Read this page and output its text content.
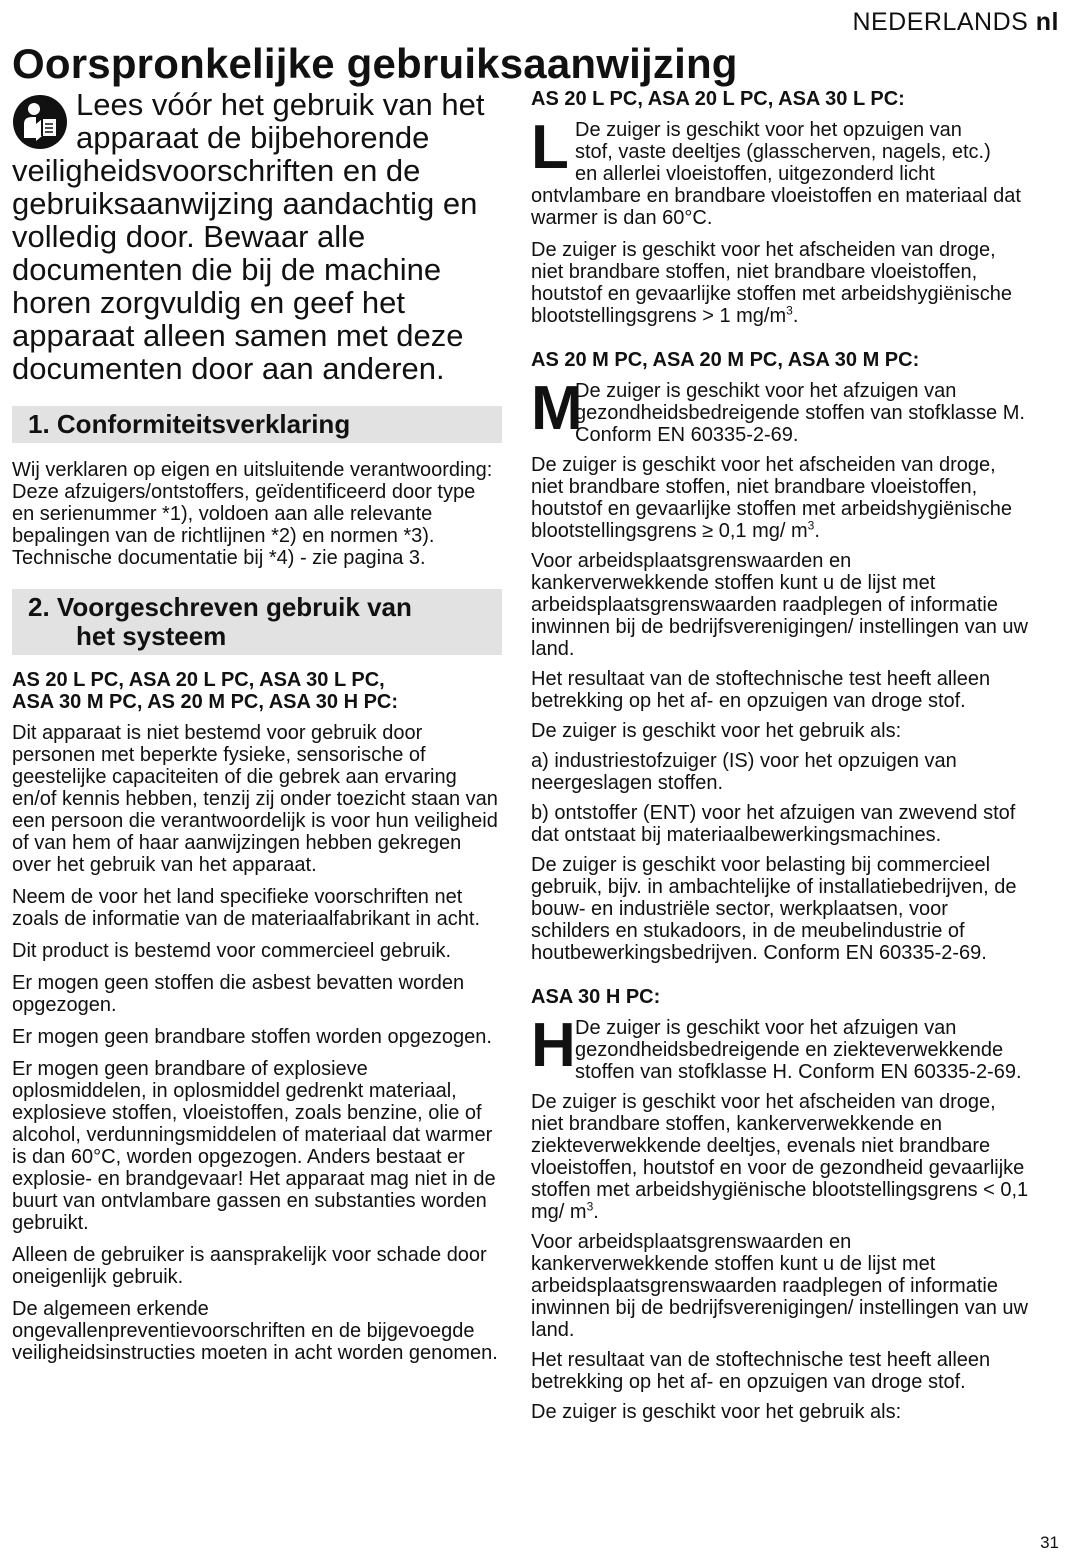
NEDERLANDS nl
Oorspronkelijke gebruiksaanwijzing

Lees vóór het gebruik van het apparaat de bijbehorende veiligheidsvoorschriften en de gebruiksaanwijzing aandachtig en volledig door. Bewaar alle documenten die bij de machine horen zorgvuldig en geef het apparaat alleen samen met deze documenten door aan anderen.

1. Conformiteitsverklaring

Wij verklaren op eigen en uitsluitende verantwoording: Deze afzuigers/ontstoffers, geïdentificeerd door type en serienummer *1), voldoen aan alle relevante bepalingen van de richtlijnen *2) en normen *3). Technische documentatie bij *4) - zie pagina 3.

2. Voorgeschreven gebruik van
het systeem

AS 20 L PC, ASA 20 L PC, ASA 30 L PC,
ASA 30 M PC, AS 20 M PC, ASA 30 H PC:

Dit apparaat is niet bestemd voor gebruik door personen met beperkte fysieke, sensorische of geestelijke capaciteiten of die gebrek aan ervaring en/of kennis hebben, tenzij zij onder toezicht staan van een persoon die verantwoordelijk is voor hun veiligheid of van hem of haar aanwijzingen hebben gekregen over het gebruik van het apparaat.

Neem de voor het land specifieke voorschriften net zoals de informatie van de materiaalfabrikant in acht.

Dit product is bestemd voor commercieel gebruik.

Er mogen geen stoffen die asbest bevatten worden opgezogen.

Er mogen geen brandbare stoffen worden opgezogen.

Er mogen geen brandbare of explosieve oplosmiddelen, in oplosmiddel gedrenkt materiaal, explosieve stoffen, vloeistoffen, zoals benzine, olie of alcohol, verdunningsmiddelen of materiaal dat warmer is dan 60°C, worden opgezogen. Anders bestaat er explosie- en brandgevaar! Het apparaat mag niet in de buurt van ontvlambare gassen en substanties worden gebruikt.

Alleen de gebruiker is aansprakelijk voor schade door oneigenlijk gebruik.

De algemeen erkende ongevallenpreventievoorschriften en de bijgevoegde veiligheidsinstructies moeten in acht worden genomen.

AS 20 L PC, ASA 20 L PC, ASA 30 L PC:

L De zuiger is geschikt voor het opzuigen van

stof, vaste deeltjes (glasscherven, nagels, etc.)

en allerlei vloeistoffen, uitgezonderd licht

ontvlambare en brandbare vloeistoffen en materiaal dat warmer is dan 60°C.

De zuiger is geschikt voor het afscheiden van droge, niet brandbare stoffen, niet brandbare vloeistoffen, houtstof en gevaarlijke stoffen met arbeidshygiënische blootstellingsgrens > 1 $mg/m^3$.

AS 20 M PC, ASA 20 M PC, ASA 30 M PC:

M

De zuiger is geschikt voor het afzuigen van gezondheidsbedreigende stoffen van stofklasse M. Conform EN 60335-2-69.

De zuiger is geschikt voor het afscheiden van droge, niet brandbare stoffen, niet brandbare vloeistoffen, houtstof en gevaarlijke stoffen met arbeidshygiënische blootstellingsgrens ≥ 0,1 mg/ $m^3$.

Voor arbeidsplaatsgrenswaarden en kankerverwekkende stoffen kunt u de lijst met arbeidsplaatsgrenswaarden raadplegen of informatie inwinnen bij de bedrijfsverenigingen/ instellingen van uw land.

Het resultaat van de stoftechnische test heeft alleen betrekking op het af- en opzuigen van droge stof.

De zuiger is geschikt voor het gebruik als:

a) industriestofzuiger (IS) voor het opzuigen van neergeslagen stoffen.

b) ontstoffer (ENT) voor het afzuigen van zwevend stof dat ontstaat bij materiaalbewerkingsmachines.

De zuiger is geschikt voor belasting bij commercieel gebruik, bijv. in ambachtelijke of installatiebedrijven, de bouw- en industriële sector, werkplaatsen, voor schilders en stukadoors, in de meubelindustrie of houtbewerkingsbedrijven. Conform EN 60335-2-69.

ASA 30 H PC:

H De zuiger is geschikt voor het afzuigen van gezondheidsbedreigende en ziekteverwekkende stoffen van stofklasse H. Conform EN 60335-2-69.

De zuiger is geschikt voor het afscheiden van droge, niet brandbare stoffen, kankerverwekkende en ziekteverwekkende deeltjes, evenals niet brandbare vloeistoffen, houtstof en voor de gezondheid gevaarlijke stoffen met arbeidshygiënische blootstellingsgrens < 0,1 mg/ $m^3$.

Voor arbeidsplaatsgrenswaarden en kankerverwekkende stoffen kunt u de lijst met arbeidsplaatsgrenswaarden raadplegen of informatie inwinnen bij de bedrijfsverenigingen/ instellingen van uw land.

Het resultaat van de stoftechnische test heeft alleen betrekking op het af- en opzuigen van droge stof.

De zuiger is geschikt voor het gebruik als:

31
